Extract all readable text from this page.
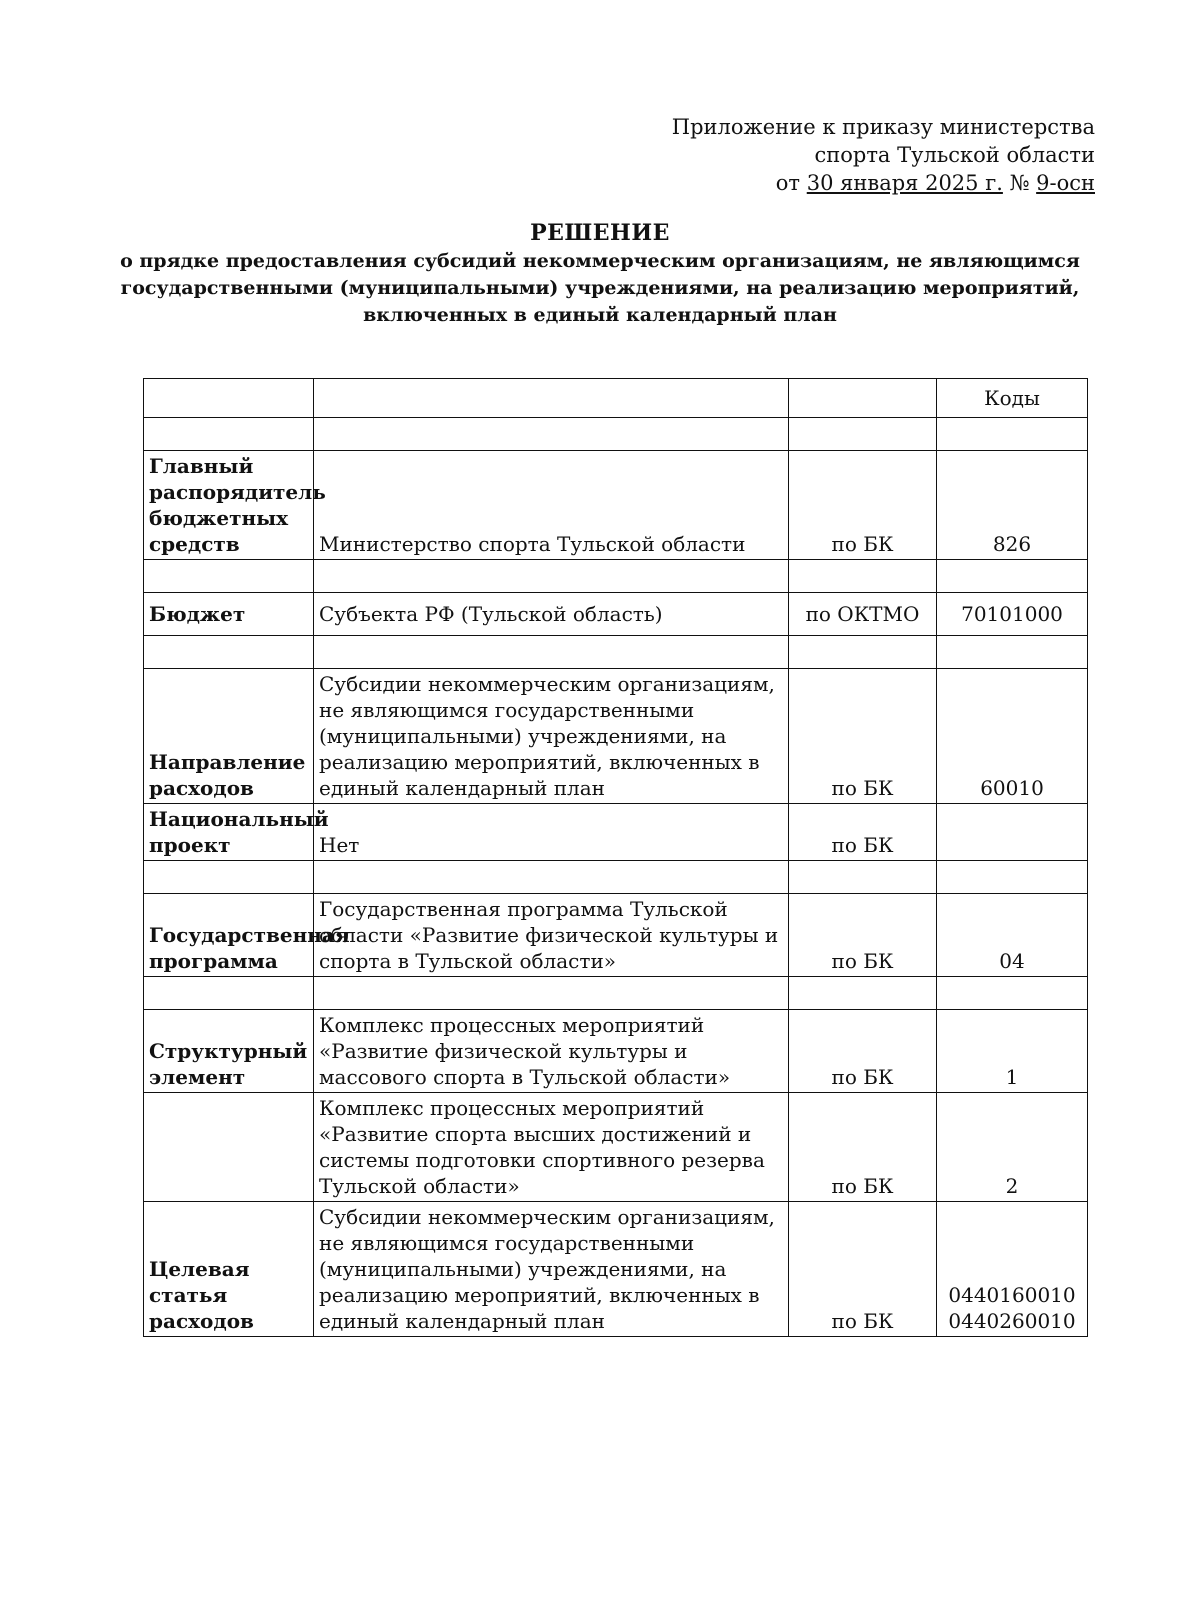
Приложение к приказу министерства
спорта Тульской области
от 30 января 2025 г. № 9-осн
РЕШЕНИЕ
о прядке предоставления субсидий некоммерческим организациям, не являющимся
государственными (муниципальными) учреждениями, на реализацию мероприятий,
включенных в единый календарный план
			Коды

Главный распорядитель бюджетных средств	Министерство спорта Тульской области	по БК	826

Бюджет	Субъекта РФ (Тульской область)	по ОКТМО	70101000

Направление расходов	Субсидии некоммерческим организациям, не являющимся государственными (муниципальными) учреждениями, на реализацию мероприятий, включенных в единый календарный план	по БК	60010
Национальный проект	Нет	по БК	

Государственная программа	Государственная программа Тульской области «Развитие физической культуры и спорта в Тульской области»	по БК	04

Структурный элемент	Комплекс процессных мероприятий «Развитие физической культуры и массового спорта в Тульской области»	по БК	1
	Комплекс процессных мероприятий «Развитие спорта высших достижений и системы подготовки спортивного резерва Тульской области»	по БК	2
Целевая статья расходов	Субсидии некоммерческим организациям, не являющимся государственными (муниципальными) учреждениями, на реализацию мероприятий, включенных в единый календарный план	по БК	0440160010
0440260010
